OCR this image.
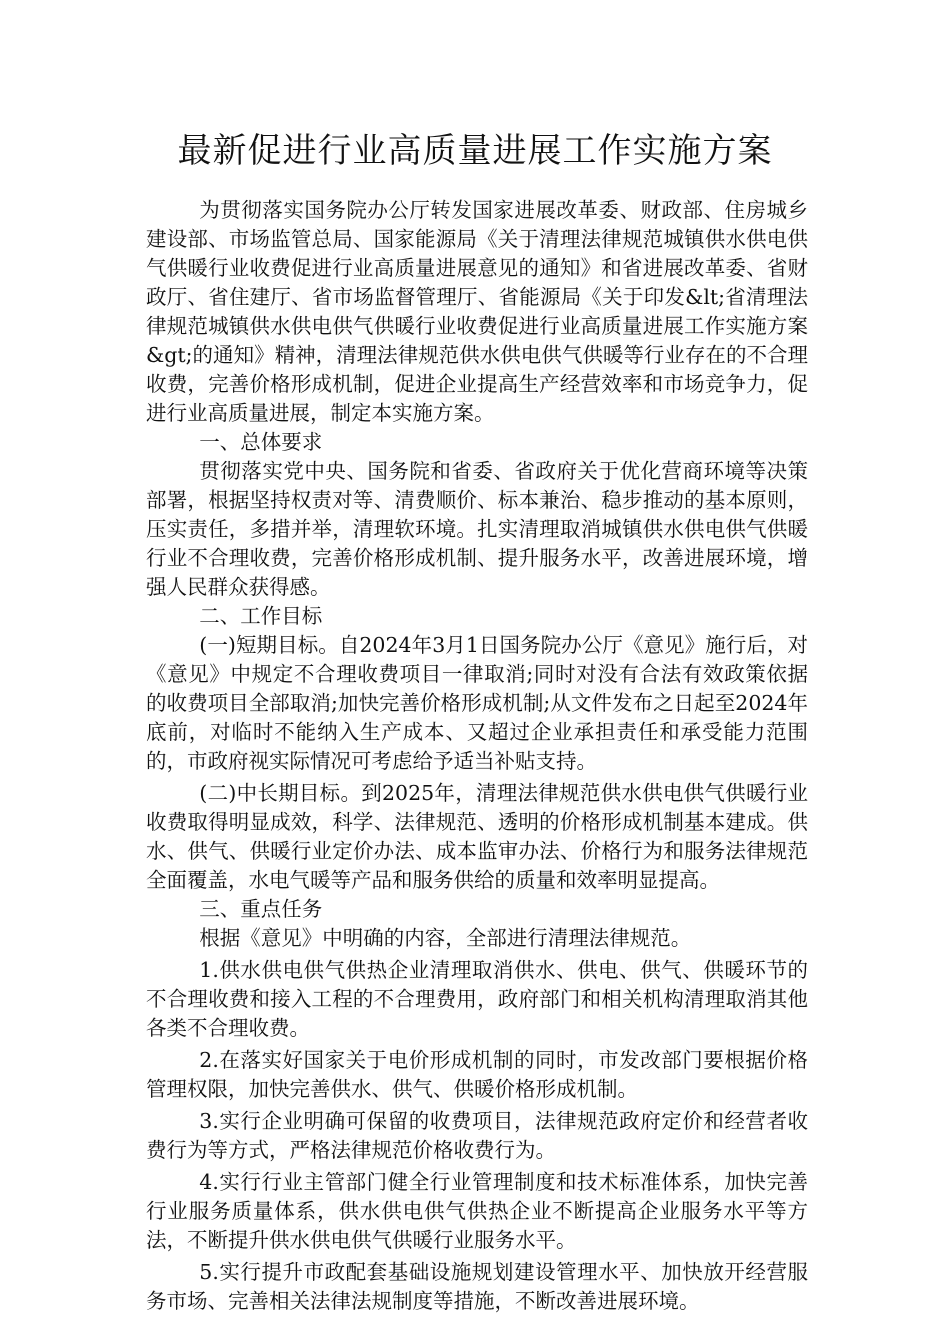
最新促进行业高质量进展工作实施方案

为贯彻落实国务院办公厅转发国家进展改革委、财政部、住房城乡建设部、市场监管总局、国家能源局《关于清理法律规范城镇供水供电供气供暖行业收费促进行业高质量进展意见的通知》和省进展改革委、省财政厅、省住建厅、省市场监督管理厅、省能源局《关于印发&lt;省清理法律规范城镇供水供电供气供暖行业收费促进行业高质量进展工作实施方案&gt;的通知》精神，清理法律规范供水供电供气供暖等行业存在的不合理收费，完善价格形成机制，促进企业提高生产经营效率和市场竞争力，促进行业高质量进展，制定本实施方案。

一、总体要求

贯彻落实党中央、国务院和省委、省政府关于优化营商环境等决策部署，根据坚持权责对等、清费顺价、标本兼治、稳步推动的基本原则，压实责任，多措并举，清理软环境。扎实清理取消城镇供水供电供气供暖行业不合理收费，完善价格形成机制、提升服务水平，改善进展环境，增强人民群众获得感。

二、工作目标

(一)短期目标。自2024年3月1日国务院办公厅《意见》施行后，对《意见》中规定不合理收费项目一律取消;同时对没有合法有效政策依据的收费项目全部取消;加快完善价格形成机制;从文件发布之日起至2024年底前，对临时不能纳入生产成本、又超过企业承担责任和承受能力范围的，市政府视实际情况可考虑给予适当补贴支持。

(二)中长期目标。到2025年，清理法律规范供水供电供气供暖行业收费取得明显成效，科学、法律规范、透明的价格形成机制基本建成。供水、供气、供暖行业定价办法、成本监审办法、价格行为和服务法律规范全面覆盖，水电气暖等产品和服务供给的质量和效率明显提高。

三、重点任务

根据《意见》中明确的内容，全部进行清理法律规范。

1.供水供电供气供热企业清理取消供水、供电、供气、供暖环节的不合理收费和接入工程的不合理费用，政府部门和相关机构清理取消其他各类不合理收费。

2.在落实好国家关于电价形成机制的同时，市发改部门要根据价格管理权限，加快完善供水、供气、供暖价格形成机制。

3.实行企业明确可保留的收费项目，法律规范政府定价和经营者收费行为等方式，严格法律规范价格收费行为。

4.实行行业主管部门健全行业管理制度和技术标准体系，加快完善行业服务质量体系，供水供电供气供热企业不断提高企业服务水平等方法，不断提升供水供电供气供暖行业服务水平。

5.实行提升市政配套基础设施规划建设管理水平、加快放开经营服务市场、完善相关法律法规制度等措施，不断改善进展环境。
